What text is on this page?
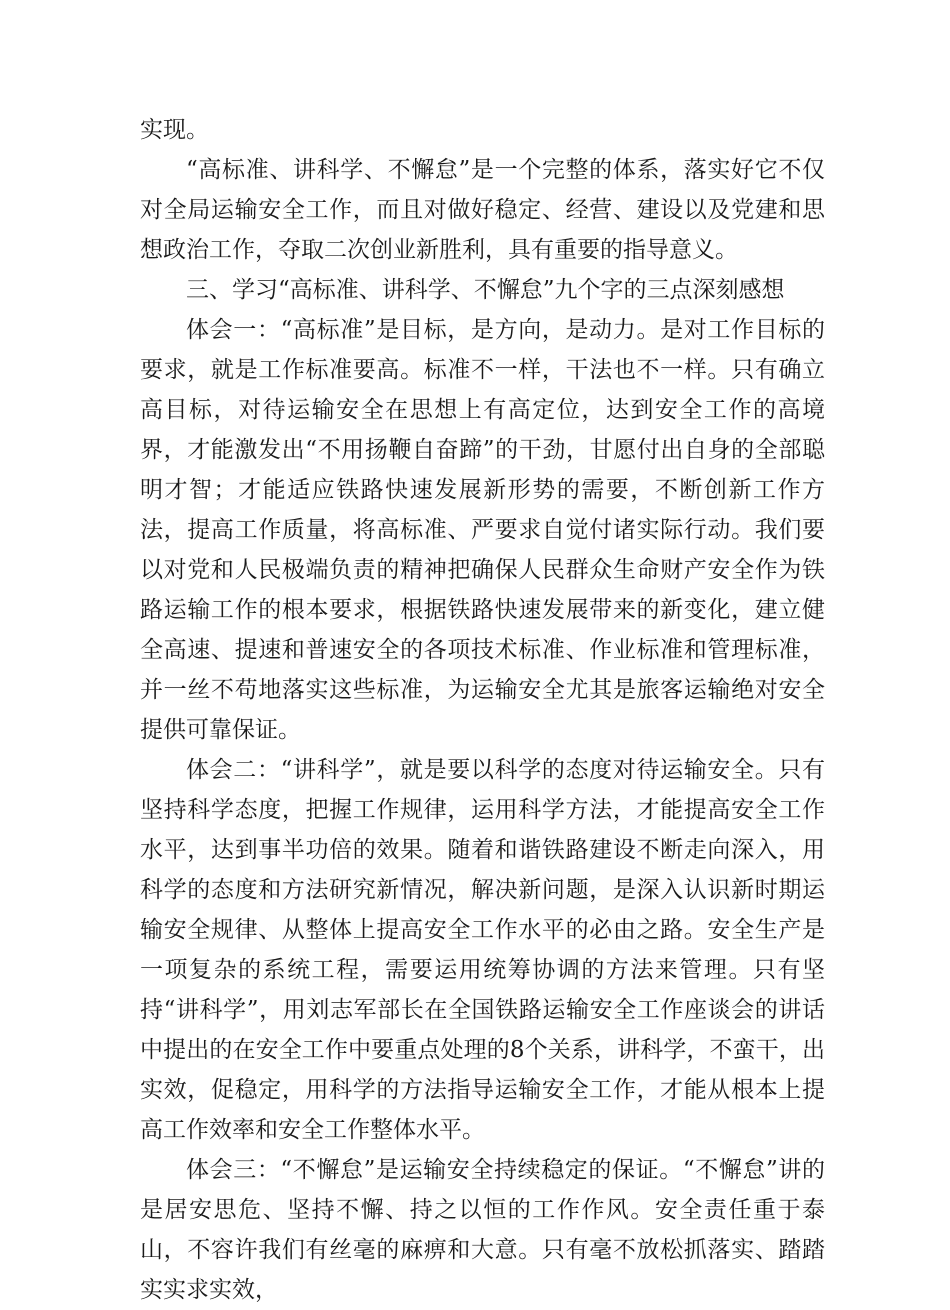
实现。

“高标准、讲科学、不懈怠”是一个完整的体系，落实好它不仅对全局运输安全工作，而且对做好稳定、经营、建设以及党建和思想政治工作，夺取二次创业新胜利，具有重要的指导意义。

三、学习“高标准、讲科学、不懈怠”九个字的三点深刻感想

体会一：“高标准”是目标，是方向，是动力。是对工作目标的要求，就是工作标准要高。标准不一样，干法也不一样。只有确立高目标，对待运输安全在思想上有高定位，达到安全工作的高境界，才能激发出“不用扬鞭自奋蹄”的干劲，甘愿付出自身的全部聪明才智；才能适应铁路快速发展新形势的需要，不断创新工作方法，提高工作质量，将高标准、严要求自觉付诸实际行动。我们要以对党和人民极端负责的精神把确保人民群众生命财产安全作为铁路运输工作的根本要求，根据铁路快速发展带来的新变化，建立健全高速、提速和普速安全的各项技术标准、作业标准和管理标准，并一丝不苟地落实这些标准，为运输安全尤其是旅客运输绝对安全提供可靠保证。

体会二：“讲科学”，就是要以科学的态度对待运输安全。只有坚持科学态度，把握工作规律，运用科学方法，才能提高安全工作水平，达到事半功倍的效果。随着和谐铁路建设不断走向深入，用科学的态度和方法研究新情况，解决新问题，是深入认识新时期运输安全规律、从整体上提高安全工作水平的必由之路。安全生产是一项复杂的系统工程，需要运用统筹协调的方法来管理。只有坚持“讲科学”，用刘志军部长在全国铁路运输安全工作座谈会的讲话中提出的在安全工作中要重点处理的8个关系，讲科学，不蛮干，出实效，促稳定，用科学的方法指导运输安全工作，才能从根本上提高工作效率和安全工作整体水平。

体会三：“不懈怠”是运输安全持续稳定的保证。“不懈怠”讲的是居安思危、坚持不懈、持之以恒的工作作风。安全责任重于泰山，不容许我们有丝毫的麻痹和大意。只有毫不放松抓落实、踏踏实实求实效，
